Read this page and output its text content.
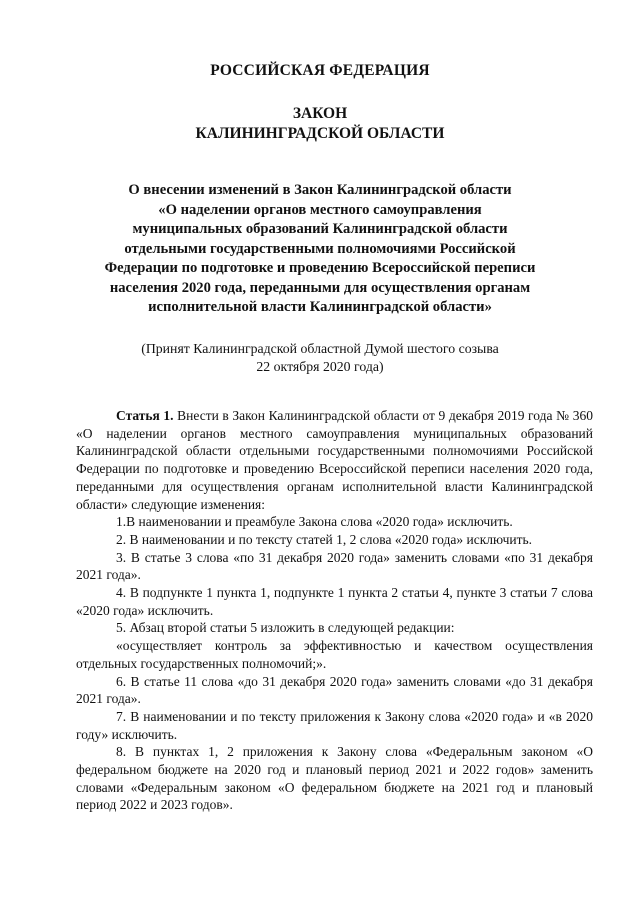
РОССИЙСКАЯ ФЕДЕРАЦИЯ
ЗАКОН
КАЛИНИНГРАДСКОЙ ОБЛАСТИ
О внесении изменений в Закон Калининградской области
«О наделении органов местного самоуправления
муниципальных образований Калининградской области
отдельными государственными полномочиями Российской
Федерации по подготовке и проведению Всероссийской переписи
населения 2020 года, переданными для осуществления органам
исполнительной власти Калининградской области»
(Принят Калининградской областной Думой шестого созыва
22 октября 2020 года)

Статья 1. Внести в Закон Калининградской области от 9 декабря 2019 года № 360 «О наделении органов местного самоуправления муниципальных образований Калининградской области отдельными государственными полномочиями Российской Федерации по подготовке и проведению Всероссийской переписи населения 2020 года, переданными для осуществления органам исполнительной власти Калининградской области» следующие изменения:

1.В наименовании и преамбуле Закона слова «2020 года» исключить.

2. В наименовании и по тексту статей 1, 2 слова «2020 года» исключить.

3. В статье 3 слова «по 31 декабря 2020 года» заменить словами «по 31 декабря 2021 года».

4. В подпункте 1 пункта 1, подпункте 1 пункта 2 статьи 4, пункте 3 статьи 7 слова «2020 года» исключить.

5. Абзац второй статьи 5 изложить в следующей редакции:

«осуществляет контроль за эффективностью и качеством осуществления отдельных государственных полномочий;».

6. В статье 11 слова «до 31 декабря 2020 года» заменить словами «до 31 декабря 2021 года».

7. В наименовании и по тексту приложения к Закону слова «2020 года» и «в 2020 году» исключить.

8. В пунктах 1, 2 приложения к Закону слова «Федеральным законом «О федеральном бюджете на 2020 год и плановый период 2021 и 2022 годов» заменить словами «Федеральным законом «О федеральном бюджете на 2021 год и плановый период 2022 и 2023 годов».
